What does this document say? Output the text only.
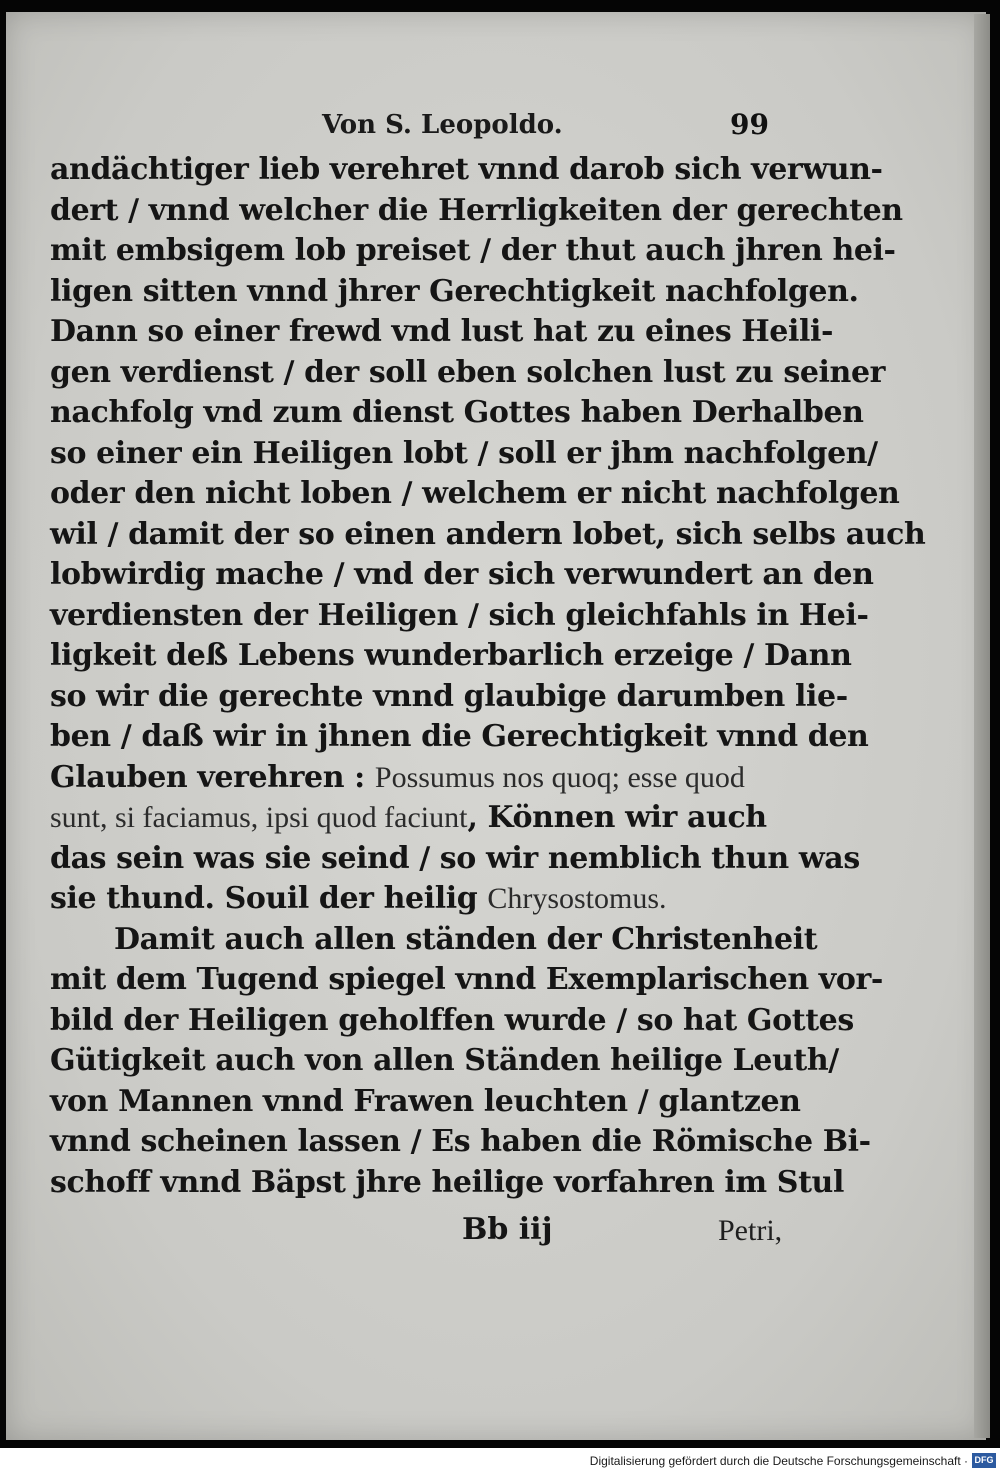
Von S. Leopoldo.	99
andächtiger lieb verehret vnnd darob sich verwun-
dert / vnnd welcher die Herrligkeiten der gerechten
mit embsigem lob preiset / der thut auch jhren hei-
ligen sitten vnnd jhrer Gerechtigkeit nachfolgen.
Dann so einer frewd vnd lust hat zu eines Heili-
gen verdienst / der soll eben solchen lust zu seiner
nachfolg vnd zum dienst Gottes haben Derhalben
so einer ein Heiligen lobt / soll er jhm nachfolgen/
oder den nicht loben / welchem er nicht nachfolgen
wil / damit der so einen andern lobet, sich selbs auch
lobwirdig mache / vnd der sich verwundert an den
verdiensten der Heiligen / sich gleichfahls in Hei-
ligkeit deß Lebens wunderbarlich erzeige / Dann
so wir die gerechte vnnd glaubige darumben lie-
ben / daß wir in jhnen die Gerechtigkeit vnnd den
Glauben verehren : Possumus nos quoq; esse quod
sunt, si faciamus, ipsi quod faciunt, Können wir auch
das sein was sie seind / so wir nemblich thun was
sie thund. Souil der heilig Chrysostomus.
Damit auch allen ständen der Christenheit
mit dem Tugend spiegel vnnd Exemplarischen vor-
bild der Heiligen geholffen wurde / so hat Gottes
Gütigkeit auch von allen Ständen heilige Leuth/
von Mannen vnnd Frawen leuchten / glantzen
vnnd scheinen lassen / Es haben die Römische Bi-
schoff vnnd Bäpst jhre heilige vorfahren im Stul
Bb iij	Petri,
Digitalisierung gefördert durch die Deutsche Forschungsgemeinschaft · DFG
